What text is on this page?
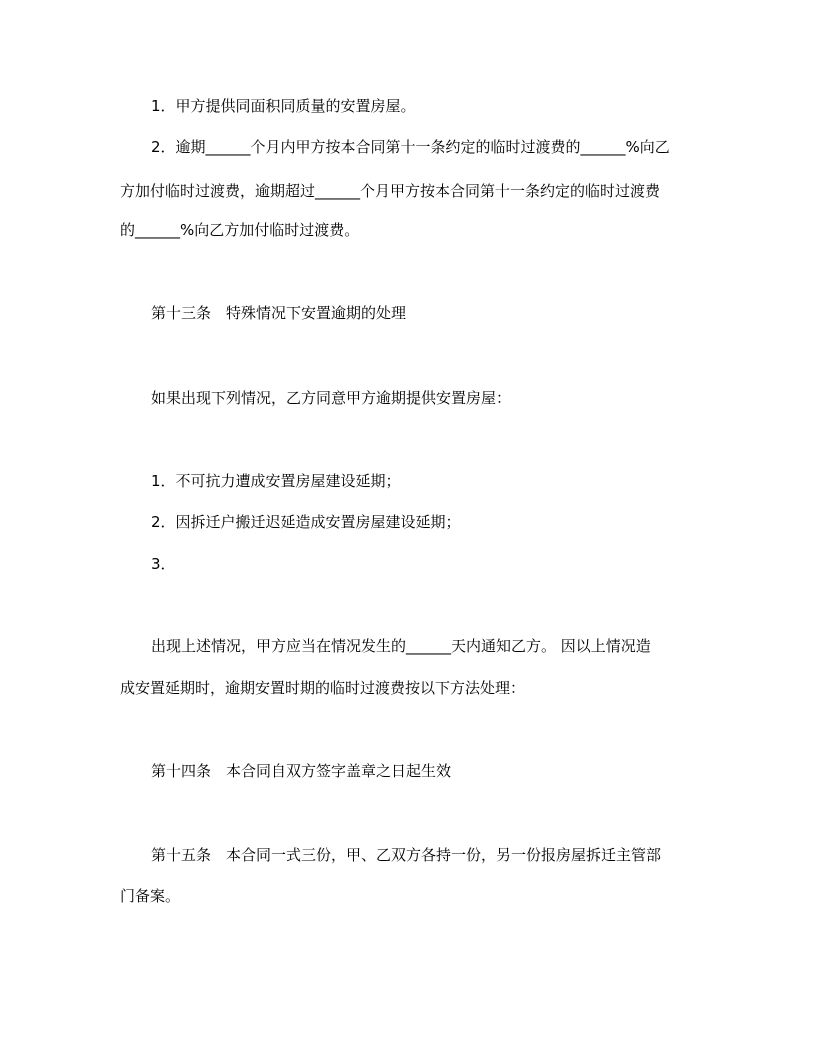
1．甲方提供同面积同质量的安置房屋。
2．逾期______个月内甲方按本合同第十一条约定的临时过渡费的______%向乙
方加付临时过渡费，逾期超过______个月甲方按本合同第十一条约定的临时过渡费
的______%向乙方加付临时过渡费。
第十三条　特殊情况下安置逾期的处理
如果出现下列情况，乙方同意甲方逾期提供安置房屋：
1．不可抗力遭成安置房屋建设延期；
2．因拆迁户搬迁迟延造成安置房屋建设延期；
3．
出现上述情况，甲方应当在情况发生的______天内通知乙方。 因以上情况造
成安置延期时，逾期安置时期的临时过渡费按以下方法处理：
第十四条　本合同自双方签字盖章之日起生效
第十五条　本合同一式三份，甲、乙双方各持一份，另一份报房屋拆迁主管部
门备案。
